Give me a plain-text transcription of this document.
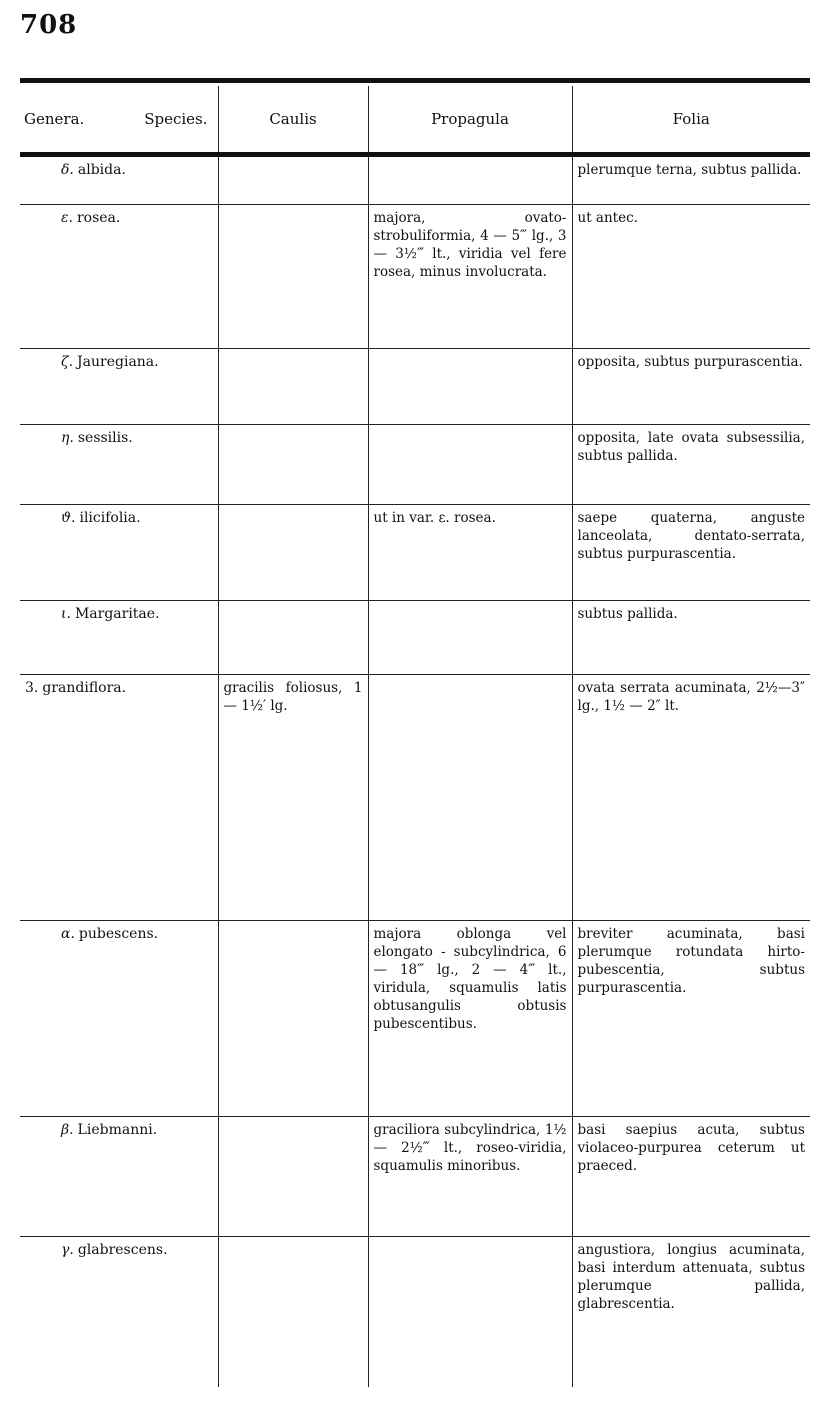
708
Genera. Species.	Caulis	Propagula	Folia

δ. albida.			plerumque terna, subtus pallida.

ε. rosea.		majora, ovato-strobuliformia, 4 — 5‴ lg., 3 — 3½‴ lt., viridia vel fere rosea, minus involucrata.	ut antec.

ζ. Jauregiana.			opposita, subtus purpurascentia.

η. sessilis.			opposita, late ovata subsessilia, subtus pallida.

ϑ. ilicifolia.		ut in var. ε. rosea.	saepe quaterna, anguste lanceolata, dentato-serrata, subtus purpurascentia.

ι. Margaritae.			subtus pallida.

3. grandiflora.	gracilis foliosus, 1 — 1½′ lg.		ovata serrata acuminata, 2½—3″ lg., 1½ — 2″ lt.

α. pubescens.		majora oblonga vel elongato - subcylindrica, 6 — 18‴ lg., 2 — 4‴ lt., viridula, squamulis latis obtusangulis obtusis pubescentibus.	breviter acuminata, basi plerumque rotundata hirto-pubescentia, subtus purpurascentia.

β. Liebmanni.		graciliora subcylindrica, 1½ — 2½‴ lt., roseo-viridia, squamulis minoribus.	basi saepius acuta, subtus violaceo-purpurea ceterum ut praeced.

γ. glabrescens.			angustiora, longius acuminata, basi interdum attenuata, subtus plerumque pallida, glabrescentia.
